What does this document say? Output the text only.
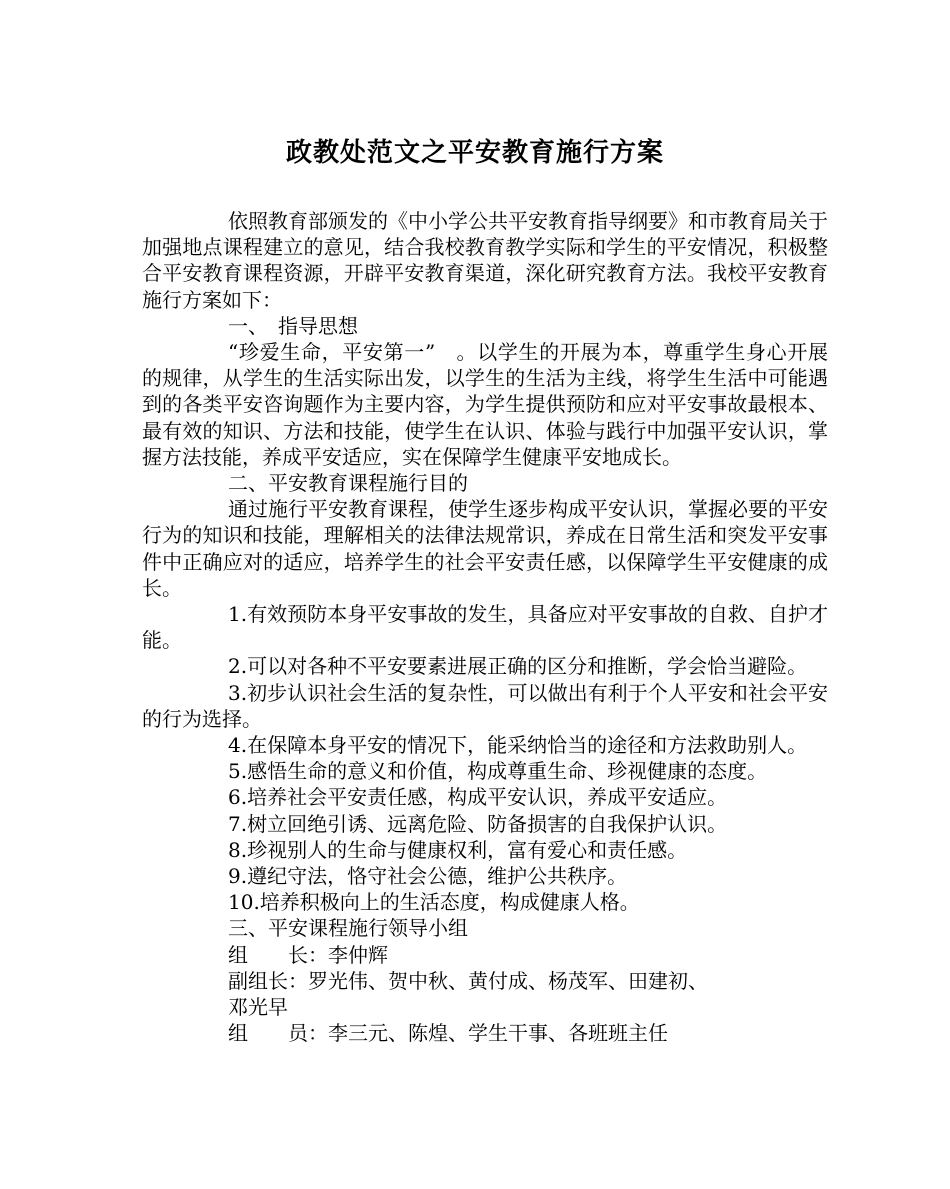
政教处范文之平安教育施行方案

依照教育部颁发的《中小学公共平安教育指导纲要》和市教育局关于加强地点课程建立的意见，结合我校教育教学实际和学生的平安情况，积极整合平安教育课程资源，开辟平安教育渠道，深化研究教育方法。我校平安教育施行方案如下：

一、　指导思想

“珍爱生命，平安第一”　。以学生的开展为本，尊重学生身心开展的规律，从学生的生活实际出发，以学生的生活为主线，将学生生活中可能遇到的各类平安咨询题作为主要内容，为学生提供预防和应对平安事故最根本、最有效的知识、方法和技能，使学生在认识、体验与践行中加强平安认识，掌握方法技能，养成平安适应，实在保障学生健康平安地成长。

二、平安教育课程施行目的

通过施行平安教育课程，使学生逐步构成平安认识，掌握必要的平安行为的知识和技能，理解相关的法律法规常识，养成在日常生活和突发平安事件中正确应对的适应，培养学生的社会平安责任感，以保障学生平安健康的成长。

1.有效预防本身平安事故的发生，具备应对平安事故的自救、自护才能。

2.可以对各种不平安要素进展正确的区分和推断，学会恰当避险。

3.初步认识社会生活的复杂性，可以做出有利于个人平安和社会平安的行为选择。

4.在保障本身平安的情况下，能采纳恰当的途径和方法救助别人。

5.感悟生命的意义和价值，构成尊重生命、珍视健康的态度。

6.培养社会平安责任感，构成平安认识，养成平安适应。

7.树立回绝引诱、远离危险、防备损害的自我保护认识。

8.珍视别人的生命与健康权利，富有爱心和责任感。

9.遵纪守法，恪守社会公德，维护公共秩序。

10.培养积极向上的生活态度，构成健康人格。

三、平安课程施行领导小组

组　　长：李仲辉

副组长：罗光伟、贺中秋、黄付成、杨茂军、田建初、

邓光早

组　　员：李三元、陈煌、学生干事、各班班主任
